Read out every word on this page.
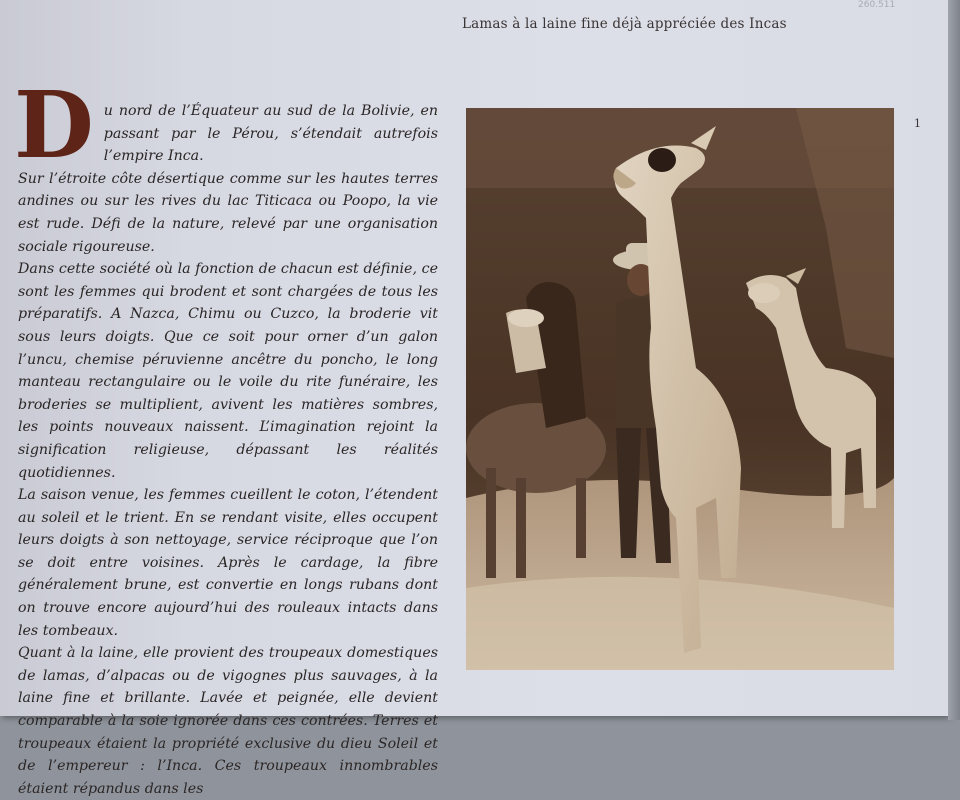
260.511
Lamas à la laine fine déjà appréciée des Incas
1

Du nord de l’Équateur au sud de la Bolivie, en passant par le Pérou, s’étendait autrefois l’empire Inca.

Sur l’étroite côte désertique comme sur les hautes terres andines ou sur les rives du lac Titicaca ou Poopo, la vie est rude. Défi de la nature, relevé par une organisation sociale rigoureuse.

Dans cette société où la fonction de chacun est définie, ce sont les femmes qui brodent et sont chargées de tous les préparatifs. A Nazca, Chimu ou Cuzco, la broderie vit sous leurs doigts. Que ce soit pour orner d’un galon l’uncu, chemise péruvienne ancêtre du poncho, le long manteau rectangulaire ou le voile du rite funéraire, les broderies se multiplient, avivent les matières sombres, les points nouveaux naissent. L’imagination rejoint la signification religieuse, dépassant les réalités quotidiennes.

La saison venue, les femmes cueillent le coton, l’étendent au soleil et le trient. En se rendant visite, elles occupent leurs doigts à son nettoyage, service réciproque que l’on se doit entre voisines. Après le cardage, la fibre généralement brune, est convertie en longs rubans dont on trouve encore aujourd’hui des rouleaux intacts dans les tombeaux.

Quant à la laine, elle provient des troupeaux domestiques de lamas, d’alpacas ou de vigognes plus sauvages, à la laine fine et brillante. Lavée et peignée, elle devient comparable à la soie ignorée dans ces contrées. Terres et troupeaux étaient la propriété exclusive du dieu Soleil et de l’empereur : l’Inca. Ces troupeaux innombrables étaient répandus dans les
